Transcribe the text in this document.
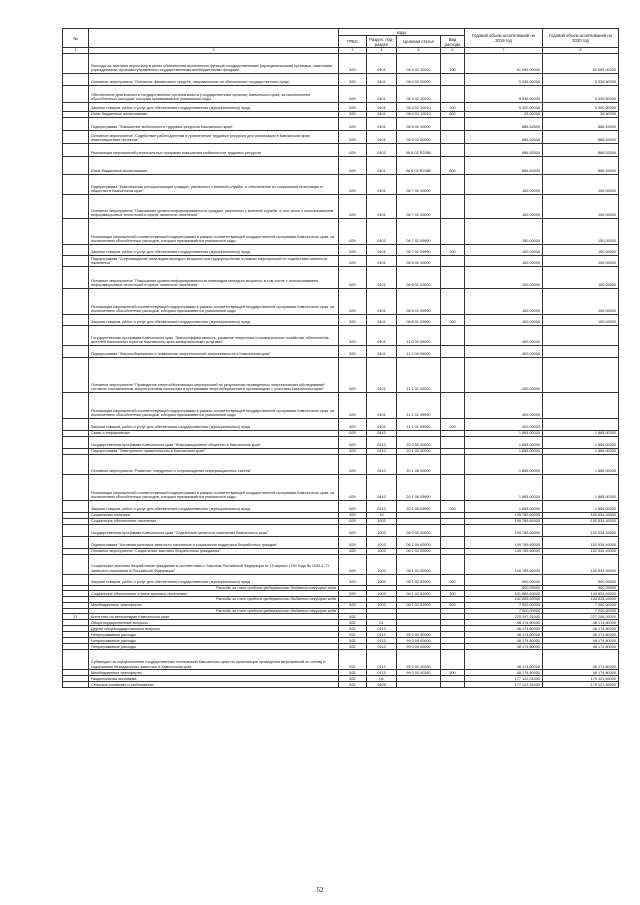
№		коды				Годовой объем ассигнований на 2019 год	Годовой объем ассигнований на 2020 год
		ГРБС	Раздел, под-раздел	Целевая статья	Вид расхода		
1	2	3	4	5	6	7	8
	Расходы на выплаты персоналу в целях обеспечения выполнения функций государственными (муниципальными) органами, казенными учреждениями, органами управления государственными внебюджетными фондами	829	0401	06 4 01 10010	100	51 089,00000	51 089,00000
	Основное мероприятие "Основное финансовых средств, направленных на обеспечение государственных нужд"	829	0401	06 4 02 00000		5 335,50000	5 335,50000
	Обеспечение деятельности государственных органов власти (государственных органов) Камчатского края, за исключением обособленных расходов, которым присваиваются уникальные коды	829	0401	06 4 02 10010		5 335,50000	5 335,50000
	Закупка товаров, работ и услуг для обеспечения государственных (муниципальных) нужд	829	0401	06 4 02 10010	200	5 300,00000	5 300,00000
	Иные бюджетные ассигнования	829	0401	06 4 02 10010	800	35,50000	35,50000
	Подпрограмма "Повышение мобильности трудовых ресурсов Камчатского края"	829	0401	06 6 00 00000		886,52500	886,52500
	Основное мероприятие "Содействие работодателям в привлечении трудовых ресурсов для реализации в Камчатском крае инвестиционных проектов"	829	0401	06 6 02 00000		886,52500	886,52500
	Реализация мероприятий региональных программ повышения мобильности трудовых ресурсов	829	0401	06 6 02 R2380		886,52500	886,52500
	Иные бюджетные ассигнования	829	0401	06 6 02 R2380	800	886,52500	886,52500
	Подпрограмма "Комплексная ресоциализация граждан, уволенных с военной службы, и обеспечение их социальной интеграции в общество в Камчатском крае"	829	0401	06 7 00 00000		150,00000	150,00000
	Основное мероприятие "Повышение уровня информированности граждан, уволенных с военной службы, в том числе с использованием информационных технологий в сфере занятости населения"	829	0401	06 7 02 00000		150,00000	150,00000
	Реализация мероприятий соответствующей подпрограммы в рамках соответствующей государственной программы Камчатского края, за исключением обособленных расходов, которым присваиваются уникальные коды	829	0401	06 7 02 09990		150,00000	150,00000
	Закупка товаров, работ и услуг для обеспечения государственных (муниципальных) нужд	829	0401	06 7 02 09990	200	150,00000	150,00000
	Подпрограмма "Сопровождение инвалидов молодого возраста при трудоустройстве в рамках мероприятий по содействию занятости населения"	829	0401	06 8 00 00000		150,00000	150,00000
	Основное мероприятие "Повышение уровня информированности инвалидов молодого возраста, в том числе с использованием информационных технологий в сфере занятости населения"	829	0401	06 8 01 00000		150,00000	150,00000
	Реализация мероприятий соответствующей подпрограммы в рамках соответствующей государственной программы Камчатского края, за исключением обособленных расходов, которым присваиваются уникальные коды	829	0401	06 8 01 09990		150,00000	150,00000
	Закупка товаров, работ и услуг для обеспечения государственных (муниципальных) нужд	829	0401	06 8 01 09990	200	150,00000	150,00000
	Государственная программа Камчатского края "Энергоэффективность, развитие энергетики и коммунального хозяйства, обеспечение жителей населенных пунктов Камчатского края коммунальными услугами"	829	0401	11 0 00 00000		400,00000	
	Подпрограмма "Энергосбережение и повышение энергетической эффективности в Камчатском крае"	829	0401	11 1 00 00000		400,00000	
	Основное мероприятие "Проведение энергосберегающих мероприятий по результатам проведенных энергетических обследований согласно составленным энергетическим паспортам и программам энергосбережения в организациях с участием Камчатского края"	829	0401	11 1 01 00000		400,00000	
	Реализация мероприятий соответствующей подпрограммы в рамках соответствующей государственной программы Камчатского края, за исключением обособленных расходов, которым присваиваются уникальные коды	829	0401	11 1 01 09990		400,00000	
	Закупка товаров, работ и услуг для обеспечения государственных (муниципальных) нужд	829	0401	11 1 01 09990	200	400,00000	
	Связь и информатика	829	0410			1 865,00000	1 865,00000
	Государственная программа Камчатского края "Информационное общество в Камчатском крае"	829	0410	20 0 00 00000		1 865,00000	1 865,00000
	Подпрограмма "Электронное правительство в Камчатском крае"	829	0410	20 1 00 00000		1 865,00000	1 865,00000
	Основное мероприятие "Развитие, внедрение и сопровождение информационных систем"	829	0410	20 1 06 00000		1 865,00000	1 865,00000
	Реализация мероприятий соответствующей подпрограммы в рамках соответствующей государственной программы Камчатского края, за исключением обособленных расходов, которым присваиваются уникальные коды	829	0410	20 1 06 09990		1 865,00000	1 865,00000
	Закупка товаров, работ и услуг для обеспечения государственных (муниципальных) нужд	829	0410	20 1 06 09990	200	1 865,00000	1 865,00000
	Социальная политика	829	10			149 789,60000	152 534,40000
	Социальное обеспечение населения	829	1003			149 789,60000	152 534,40000
	Государственная программа Камчатского края "Содействие занятости населения Камчатского края"	829	1003	06 0 00 00000		149 789,60000	152 534,40000
	Подпрограмма "Активная политика занятости населения и социальная поддержка безработных граждан"	829	1003	06 1 00 00000		149 789,60000	152 534,40000
	Основное мероприятие "Социальные выплаты безработным гражданам"	829	1003	06 1 02 00000		149 789,60000	152 534,40000
	Социальные выплаты безработным гражданам в соответствии с Законом Российской Федерации от 19 апреля 1991 года № 1032-1 "О занятости населения в Российской Федерации"	829	1003	06 1 02 52900		149 789,60000	152 534,40000
	Закупка товаров, работ и услуг для обеспечения государственных (муниципальных) нужд	829	1003	06 1 02 52900	200	900,00000	900,00000
	Расходы за счет средств федерального бюджета текущего года					900,00000	900,00000
	Социальное обеспечение и иные выплаты населению	829	1003	06 1 02 52900	300	141 889,60000	144 634,40000
	Расходы за счет средств федерального бюджета текущего года					141 889,60000	144 634,40000
	Межбюджетные трансферты	829	1003	06 1 02 52900	500	7 000,00000	7 000,00000
	Расходы за счет средств федерального бюджета текущего года					7 000,00000	7 000,00000
21	Агентство по ветеринарии Камчатского края	832				225 297,31000	227 206,30000
	Общегосударственные вопросы	832	01			48 174,80000	48 174,80000
	Другие общегосударственные вопросы	832	0113			48 174,80000	48 174,80000
	Непрограммные расходы	832	0113	99 0 00 00000		48 174,80000	48 174,80000
	Непрограммные расходы	832	0113	99 0 00 00000		48 174,80000	48 174,80000
	Непрограммные расходы	832	0113	99 0 00 00000		48 174,80000	48 174,80000
	Субвенции на осуществление государственных полномочий Камчатского края по организации проведения мероприятий по отлову и содержанию безнадзорных животных в Камчатском крае	832	0113	99 0 00 40280		48 174,80000	48 174,80000
	Межбюджетные трансферты	832	0113	99 0 00 40280	500	48 174,80000	48 174,80000
	Национальная экономика	832	04			177 122,51000	179 121,50000
	Сельское хозяйство и рыболовство	832	0405			177 122,51000	179 121,50000
52
